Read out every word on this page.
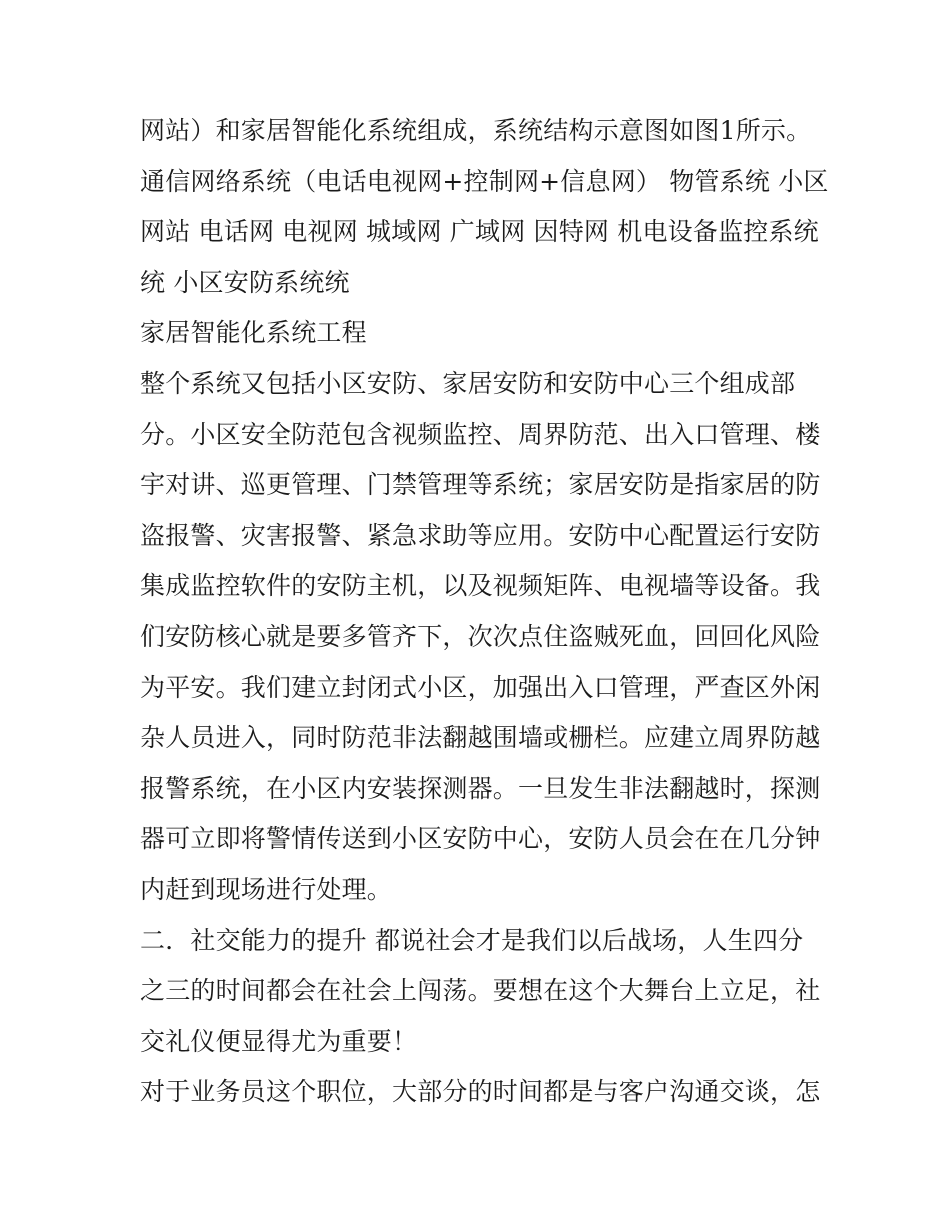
网站）和家居智能化系统组成，系统结构示意图如图1所示。
通信网络系统（电话电视网+控制网+信息网） 物管系统 小区
网站 电话网 电视网 城域网 广域网 因特网 机电设备监控系统
统 小区安防系统统
家居智能化系统工程
整个系统又包括小区安防、家居安防和安防中心三个组成部
分。小区安全防范包含视频监控、周界防范、出入口管理、楼
宇对讲、巡更管理、门禁管理等系统；家居安防是指家居的防
盗报警、灾害报警、紧急求助等应用。安防中心配置运行安防
集成监控软件的安防主机，以及视频矩阵、电视墙等设备。我
们安防核心就是要多管齐下，次次点住盗贼死血，回回化风险
为平安。我们建立封闭式小区，加强出入口管理，严查区外闲
杂人员进入，同时防范非法翻越围墙或栅栏。应建立周界防越
报警系统，在小区内安装探测器。一旦发生非法翻越时，探测
器可立即将警情传送到小区安防中心，安防人员会在在几分钟
内赶到现场进行处理。
二．社交能力的提升 都说社会才是我们以后战场，人生四分
之三的时间都会在社会上闯荡。要想在这个大舞台上立足，社
交礼仪便显得尤为重要！
对于业务员这个职位，大部分的时间都是与客户沟通交谈，怎
